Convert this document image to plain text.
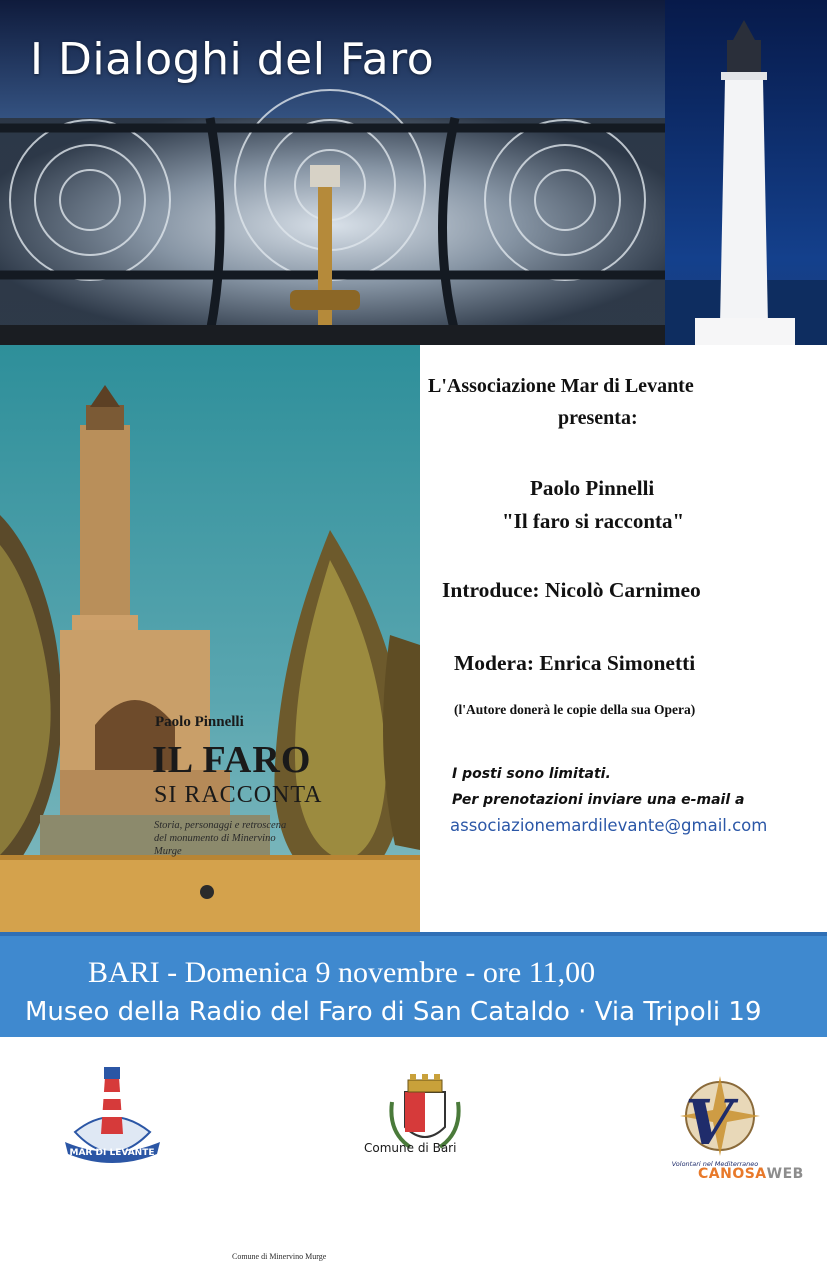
I Dialoghi del Faro
Paolo Pinnelli
IL FARO
SI RACCONTA
Storia, personaggi e retroscena del monumento di Minervino Murge
Comune di Minervino Murge
L'Associazione Mar di Levante
presenta:
Paolo Pinnelli
"Il faro si racconta"
Introduce: Nicolò Carnimeo
Modera: Enrica Simonetti
(l'Autore donerà le copie della sua Opera)
I posti sono limitati.
Per prenotazioni inviare una e-mail a
associazionemardilevante@gmail.com
BARI - Domenica 9 novembre - ore 11,00
Museo della Radio del Faro di San Cataldo · Via Tripoli 19
MAR DI LEVANTE	V
Volontari nel Mediterraneo
Comune di Bari
CANOSAWEB
